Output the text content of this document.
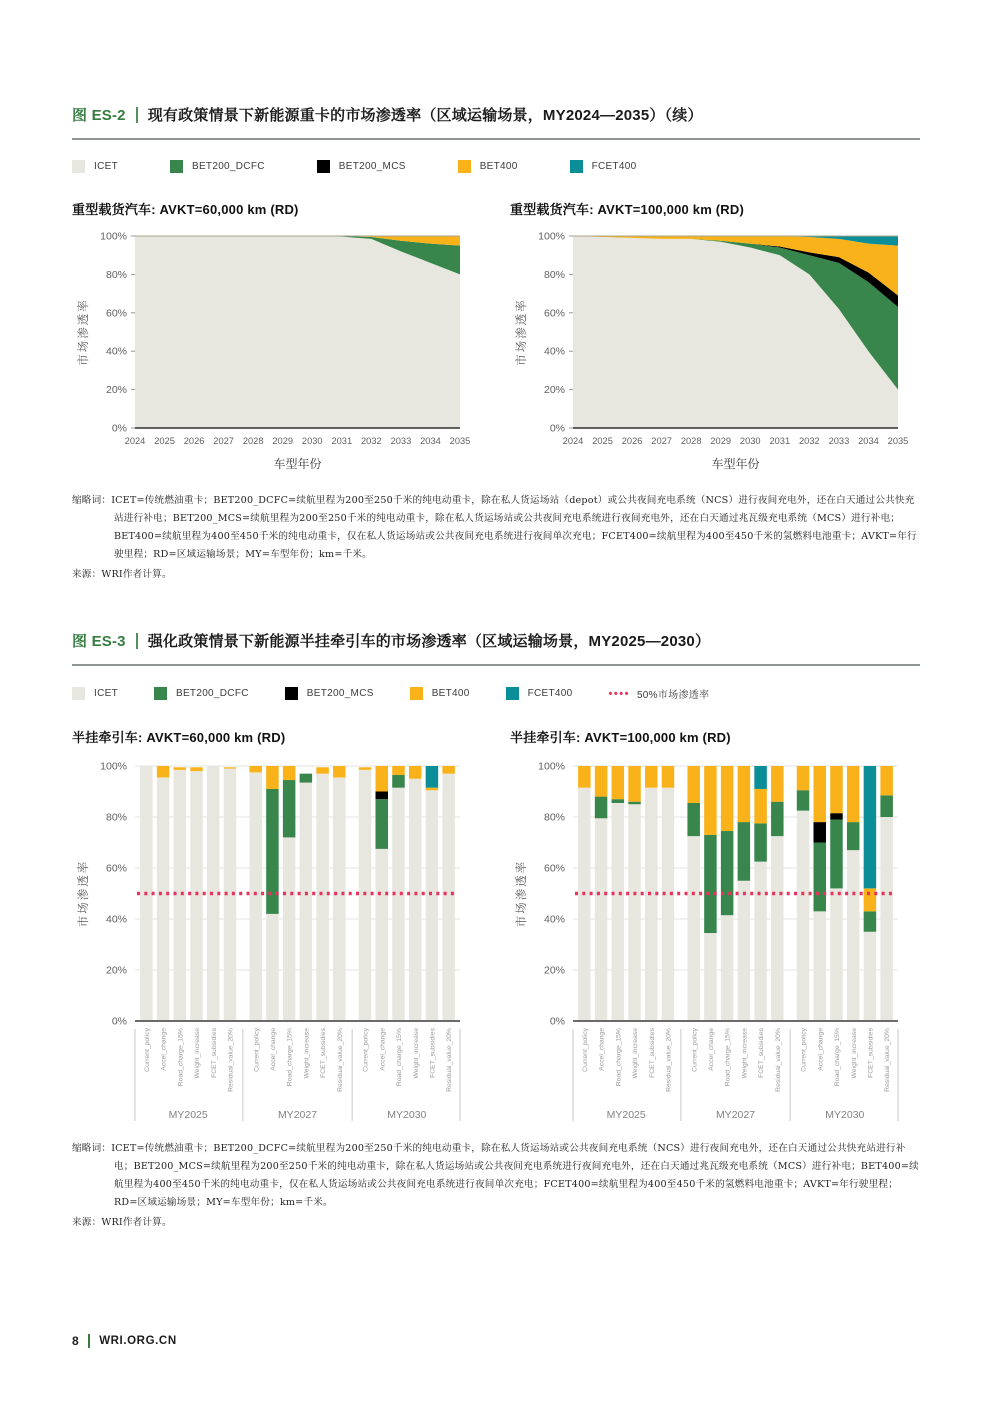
图 ES-2 现有政策情景下新能源重卡的市场渗透率（区域运输场景，MY2024—2035）（续）
ICET	BET200_DCFC	BET200_MCS	BET400	FCET400
重型载货汽车: AVKT=60,000 km (RD)
0%
20%
40%
60%
80%
100%
2024 2025 2026 2027 2028 2029 2030 2031 2032 2033 2034 2035
车型年份
市场渗透率
重型载货汽车: AVKT=100,000 km (RD)
0%
20%
40%
60%
80%
100%
2024 2025 2026 2027 2028 2029 2030 2031 2032 2033 2034 2035
车型年份
市场渗透率
缩略词：ICET=传统燃油重卡；BET200_DCFC=续航里程为200至250千米的纯电动重卡，除在私人货运场站（depot）或公共夜间充电系统（NCS）进行夜间充电外，还在白天通过公共快充站进行补电；BET200_MCS=续航里程为200至250千米的纯电动重卡，除在私人货运场站或公共夜间充电系统进行夜间充电外，还在白天通过兆瓦级充电系统（MCS）进行补电；BET400=续航里程为400至450千米的纯电动重卡，仅在私人货运场站或公共夜间充电系统进行夜间单次充电；FCET400=续航里程为400至450千米的氢燃料电池重卡；AVKT=年行驶里程；RD=区域运输场景；MY=车型年份；km=千米。
来源：WRI作者计算。
图 ES-3 强化政策情景下新能源半挂牵引车的市场渗透率（区域运输场景，MY2025—2030）
ICET	BET200_DCFC	BET200_MCS	BET400	FCET400	•••• 50%市场渗透率
半挂牵引车: AVKT=60,000 km (RD)
Current_policy Accel_change Road_charge_15% Weight_increase FCET_subsidies Residual_value_20%
MY2025
Current_policy Accel_change Road_charge_15% Weight_increase FCET_subsidies Residual_value_20%
MY2027
Current_policy Accel_change Road_charge_15% Weight_increase FCET_subsidies Residual_value_20%
MY2030
0%
20%
40%
60%
80%
100%
市场渗透率
半挂牵引车: AVKT=100,000 km (RD)
Current_policy Accel_change Road_charge_15% Weight_increase FCET_subsidies Residual_value_20%
MY2025
Current_policy Accel_change Road_charge_15% Weight_increase FCET_subsidies Residual_value_20%
MY2027
Current_policy Accel_change Road_charge_15% Weight_increase FCET_subsidies Residual_value_20%
MY2030
0%
20%
40%
60%
80%
100%
市场渗透率
缩略词：ICET=传统燃油重卡；BET200_DCFC=续航里程为200至250千米的纯电动重卡，除在私人货运场站或公共夜间充电系统（NCS）进行夜间充电外，还在白天通过公共快充站进行补电；BET200_MCS=续航里程为200至250千米的纯电动重卡，除在私人货运场站或公共夜间充电系统进行夜间充电外，还在白天通过兆瓦级充电系统（MCS）进行补电；BET400=续航里程为400至450千米的纯电动重卡，仅在私人货运场站或公共夜间充电系统进行夜间单次充电；FCET400=续航里程为400至450千米的氢燃料电池重卡；AVKT=年行驶里程；RD=区域运输场景；MY=车型年份；km=千米。
来源：WRI作者计算。
8 WRI.ORG.CN
